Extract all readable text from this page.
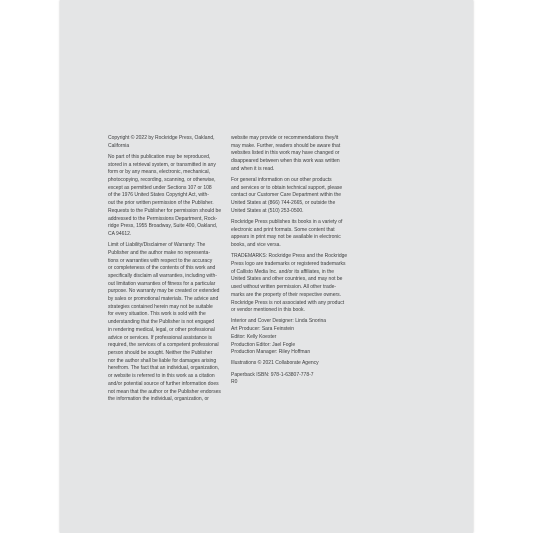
Copyright © 2022 by Rockridge Press, Oakland,
California

No part of this publication may be reproduced,
stored in a retrieval system, or transmitted in any
form or by any means, electronic, mechanical,
photocopying, recording, scanning, or otherwise,
except as permitted under Sections 107 or 108
of the 1976 United States Copyright Act, with-
out the prior written permission of the Publisher.
Requests to the Publisher for permission should be
addressed to the Permissions Department, Rock-
ridge Press, 1955 Broadway, Suite 400, Oakland,
CA 94612.

Limit of Liability/Disclaimer of Warranty: The
Publisher and the author make no representa-
tions or warranties with respect to the accuracy
or completeness of the contents of this work and
specifically disclaim all warranties, including with-
out limitation warranties of fitness for a particular
purpose. No warranty may be created or extended
by sales or promotional materials. The advice and
strategies contained herein may not be suitable
for every situation. This work is sold with the
understanding that the Publisher is not engaged
in rendering medical, legal, or other professional
advice or services. If professional assistance is
required, the services of a competent professional
person should be sought. Neither the Publisher
nor the author shall be liable for damages arising
herefrom. The fact that an individual, organization,
or website is referred to in this work as a citation
and/or potential source of further information does
not mean that the author or the Publisher endorses
the information the individual, organization, or

website may provide or recommendations they/it
may make. Further, readers should be aware that
websites listed in this work may have changed or
disappeared between when this work was written
and when it is read.

For general information on our other products
and services or to obtain technical support, please
contact our Customer Care Department within the
United States at (866) 744-2665, or outside the
United States at (510) 253-0500.

Rockridge Press publishes its books in a variety of
electronic and print formats. Some content that
appears in print may not be available in electronic
books, and vice versa.

TRADEMARKS: Rockridge Press and the Rockridge
Press logo are trademarks or registered trademarks
of Callisto Media Inc. and/or its affiliates, in the
United States and other countries, and may not be
used without written permission. All other trade-
marks are the property of their respective owners.
Rockridge Press is not associated with any product
or vendor mentioned in this book.

Interior and Cover Designer: Linda Snorina
Art Producer: Sara Feinstein
Editor: Kelly Koester
Production Editor: Jael Fogle
Production Manager: Riley Hoffman

Illustrations © 2021 Collaborate Agency

Paperback ISBN: 978-1-63807-778-7
R0
